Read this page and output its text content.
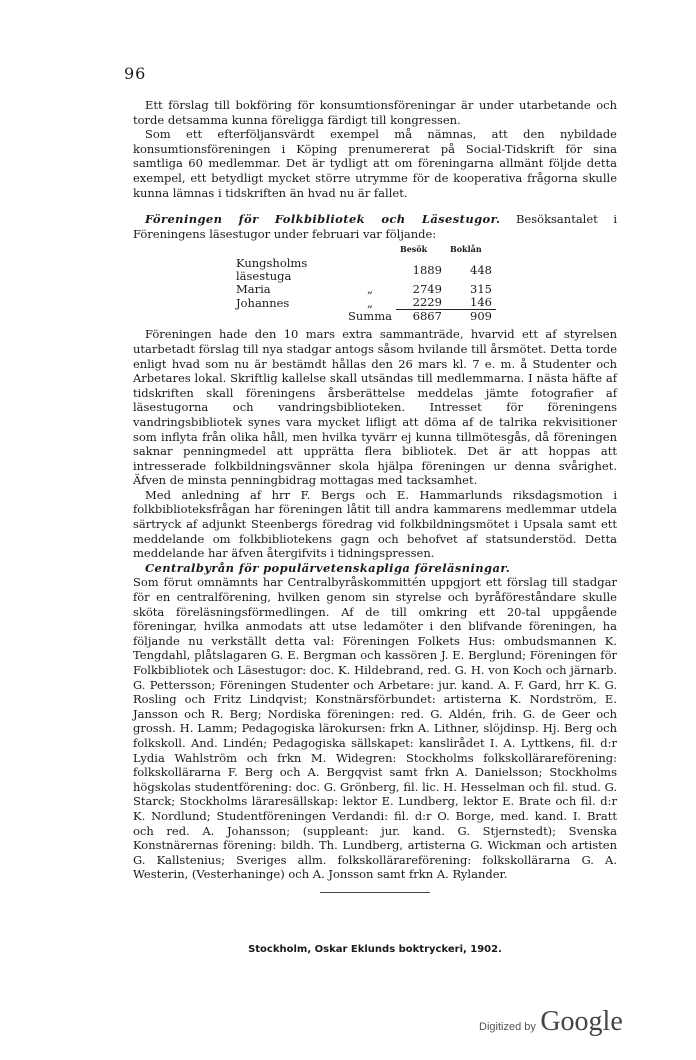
96

Ett förslag till bokföring för konsumtionsföreningar är under utarbetande och torde detsamma kunna föreligga färdigt till kongressen.

Som ett efterföljansvärdt exempel må nämnas, att den nybildade konsumtionsföreningen i Köping prenumererat på Social-Tidskrift för sina samtliga 60 medlemmar. Det är tydligt att om föreningarna allmänt följde detta exempel, ett betydligt mycket större utrymme för de kooperativa frågorna skulle kunna lämnas i tidskriften än hvad nu är fallet.

Föreningen för Folkbibliotek och Läsestugor. Besöksantalet i Föreningens läsestugor under februari var följande:

		Besök	Boklån
Kungsholms läsestuga		1889	448
Maria	„	2749	315
Johannes	„	2229	146
	Summa	6867	909

Föreningen hade den 10 mars extra sammanträde, hvarvid ett af styrelsen utarbetadt förslag till nya stadgar antogs såsom hvilande till årsmötet. Detta torde enligt hvad som nu är bestämdt hållas den 26 mars kl. 7 e. m. å Studenter och Arbetares lokal. Skriftlig kallelse skall utsändas till medlemmarna. I nästa häfte af tidskriften skall föreningens årsberättelse meddelas jämte fotografier af läsestugorna och vandringsbiblioteken. Intresset för föreningens vandringsbibliotek synes vara mycket lifligt att döma af de talrika rekvisitioner som inflyta från olika håll, men hvilka tyvärr ej kunna tillmötesgås, då föreningen saknar penningmedel att upprätta flera bibliotek. Det är att hoppas att intresserade folkbildningsvänner skola hjälpa föreningen ur denna svårighet. Äfven de minsta penningbidrag mottagas med tacksamhet.

Med anledning af hrr F. Bergs och E. Hammarlunds riksdagsmotion i folkbiblioteksfrågan har föreningen låtit till andra kammarens medlemmar utdela särtryck af adjunkt Steenbergs föredrag vid folkbildningsmötet i Upsala samt ett meddelande om folkbibliotekens gagn och behofvet af statsunderstöd. Detta meddelande har äfven återgifvits i tidningspressen.

Centralbyrån för populärvetenskapliga föreläsningar.

Som förut omnämnts har Centralbyråskommittén uppgjort ett förslag till stadgar för en centralförening, hvilken genom sin styrelse och byråföreståndare skulle sköta föreläsningsförmedlingen. Af de till omkring ett 20-tal uppgående föreningar, hvilka anmodats att utse ledamöter i den blifvande föreningen, ha följande nu verkställt detta val: Föreningen Folkets Hus: ombudsmannen K. Tengdahl, plåtslagaren G. E. Bergman och kassören J. E. Berglund; Föreningen för Folkbibliotek och Läsestugor: doc. K. Hildebrand, red. G. H. von Koch och järnarb. G. Pettersson; Föreningen Studenter och Arbetare: jur. kand. A. F. Gard, hrr K. G. Rosling och Fritz Lindqvist; Konstnärsförbundet: artisterna K. Nordström, E. Jansson och R. Berg; Nordiska föreningen: red. G. Aldén, frih. G. de Geer och grossh. H. Lamm; Pedagogiska lärokursen: frkn A. Lithner, slöjdinsp. Hj. Berg och folkskoll. And. Lindén; Pedagogiska sällskapet: kanslirådet I. A. Lyttkens, fil. d:r Lydia Wahlström och frkn M. Widegren: Stockholms folkskollärareförening: folkskollärarna F. Berg och A. Bergqvist samt frkn A. Danielsson; Stockholms högskolas studentförening: doc. G. Grönberg, fil. lic. H. Hesselman och fil. stud. G. Starck; Stockholms läraresällskap: lektor E. Lundberg, lektor E. Brate och fil. d:r K. Nordlund; Studentföreningen Verdandi: fil. d:r O. Borge, med. kand. I. Bratt och red. A. Johansson; (suppleant: jur. kand. G. Stjernstedt); Svenska Konstnärernas förening: bildh. Th. Lundberg, artisterna G. Wickman och artisten G. Kallstenius; Sveriges allm. folkskollärareförening: folkskollärarna G. A. Westerin, (Vesterhaninge) och A. Jonsson samt frkn A. Rylander.

Stockholm, Oskar Eklunds boktryckeri, 1902.
Digitized by Google
